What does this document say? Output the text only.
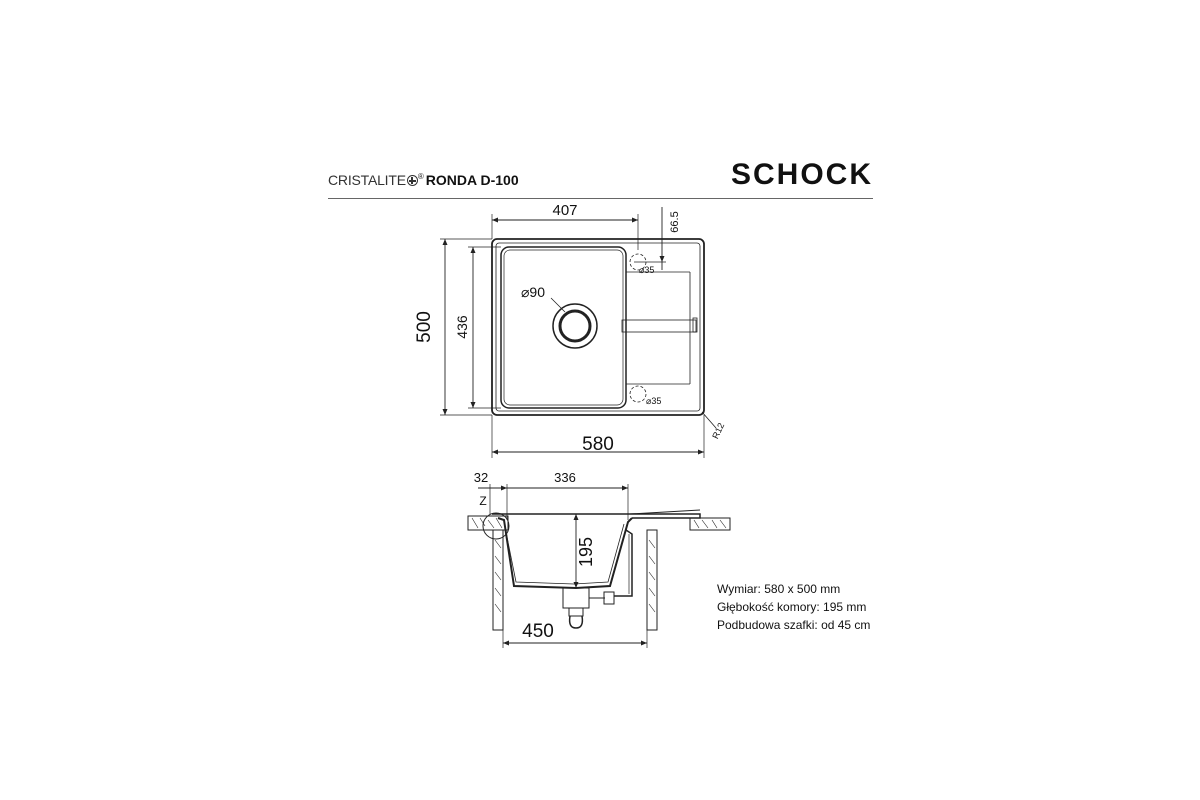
CRISTALITE ® RONDA D-100	SCHOCK
407
66.5
500 436
⌀90
⌀35
⌀35
580
R12
32	336
Z
195
450
Wymiar: 580 x 500 mm
Głębokość komory: 195 mm
Podbudowa szafki: od 45 cm
